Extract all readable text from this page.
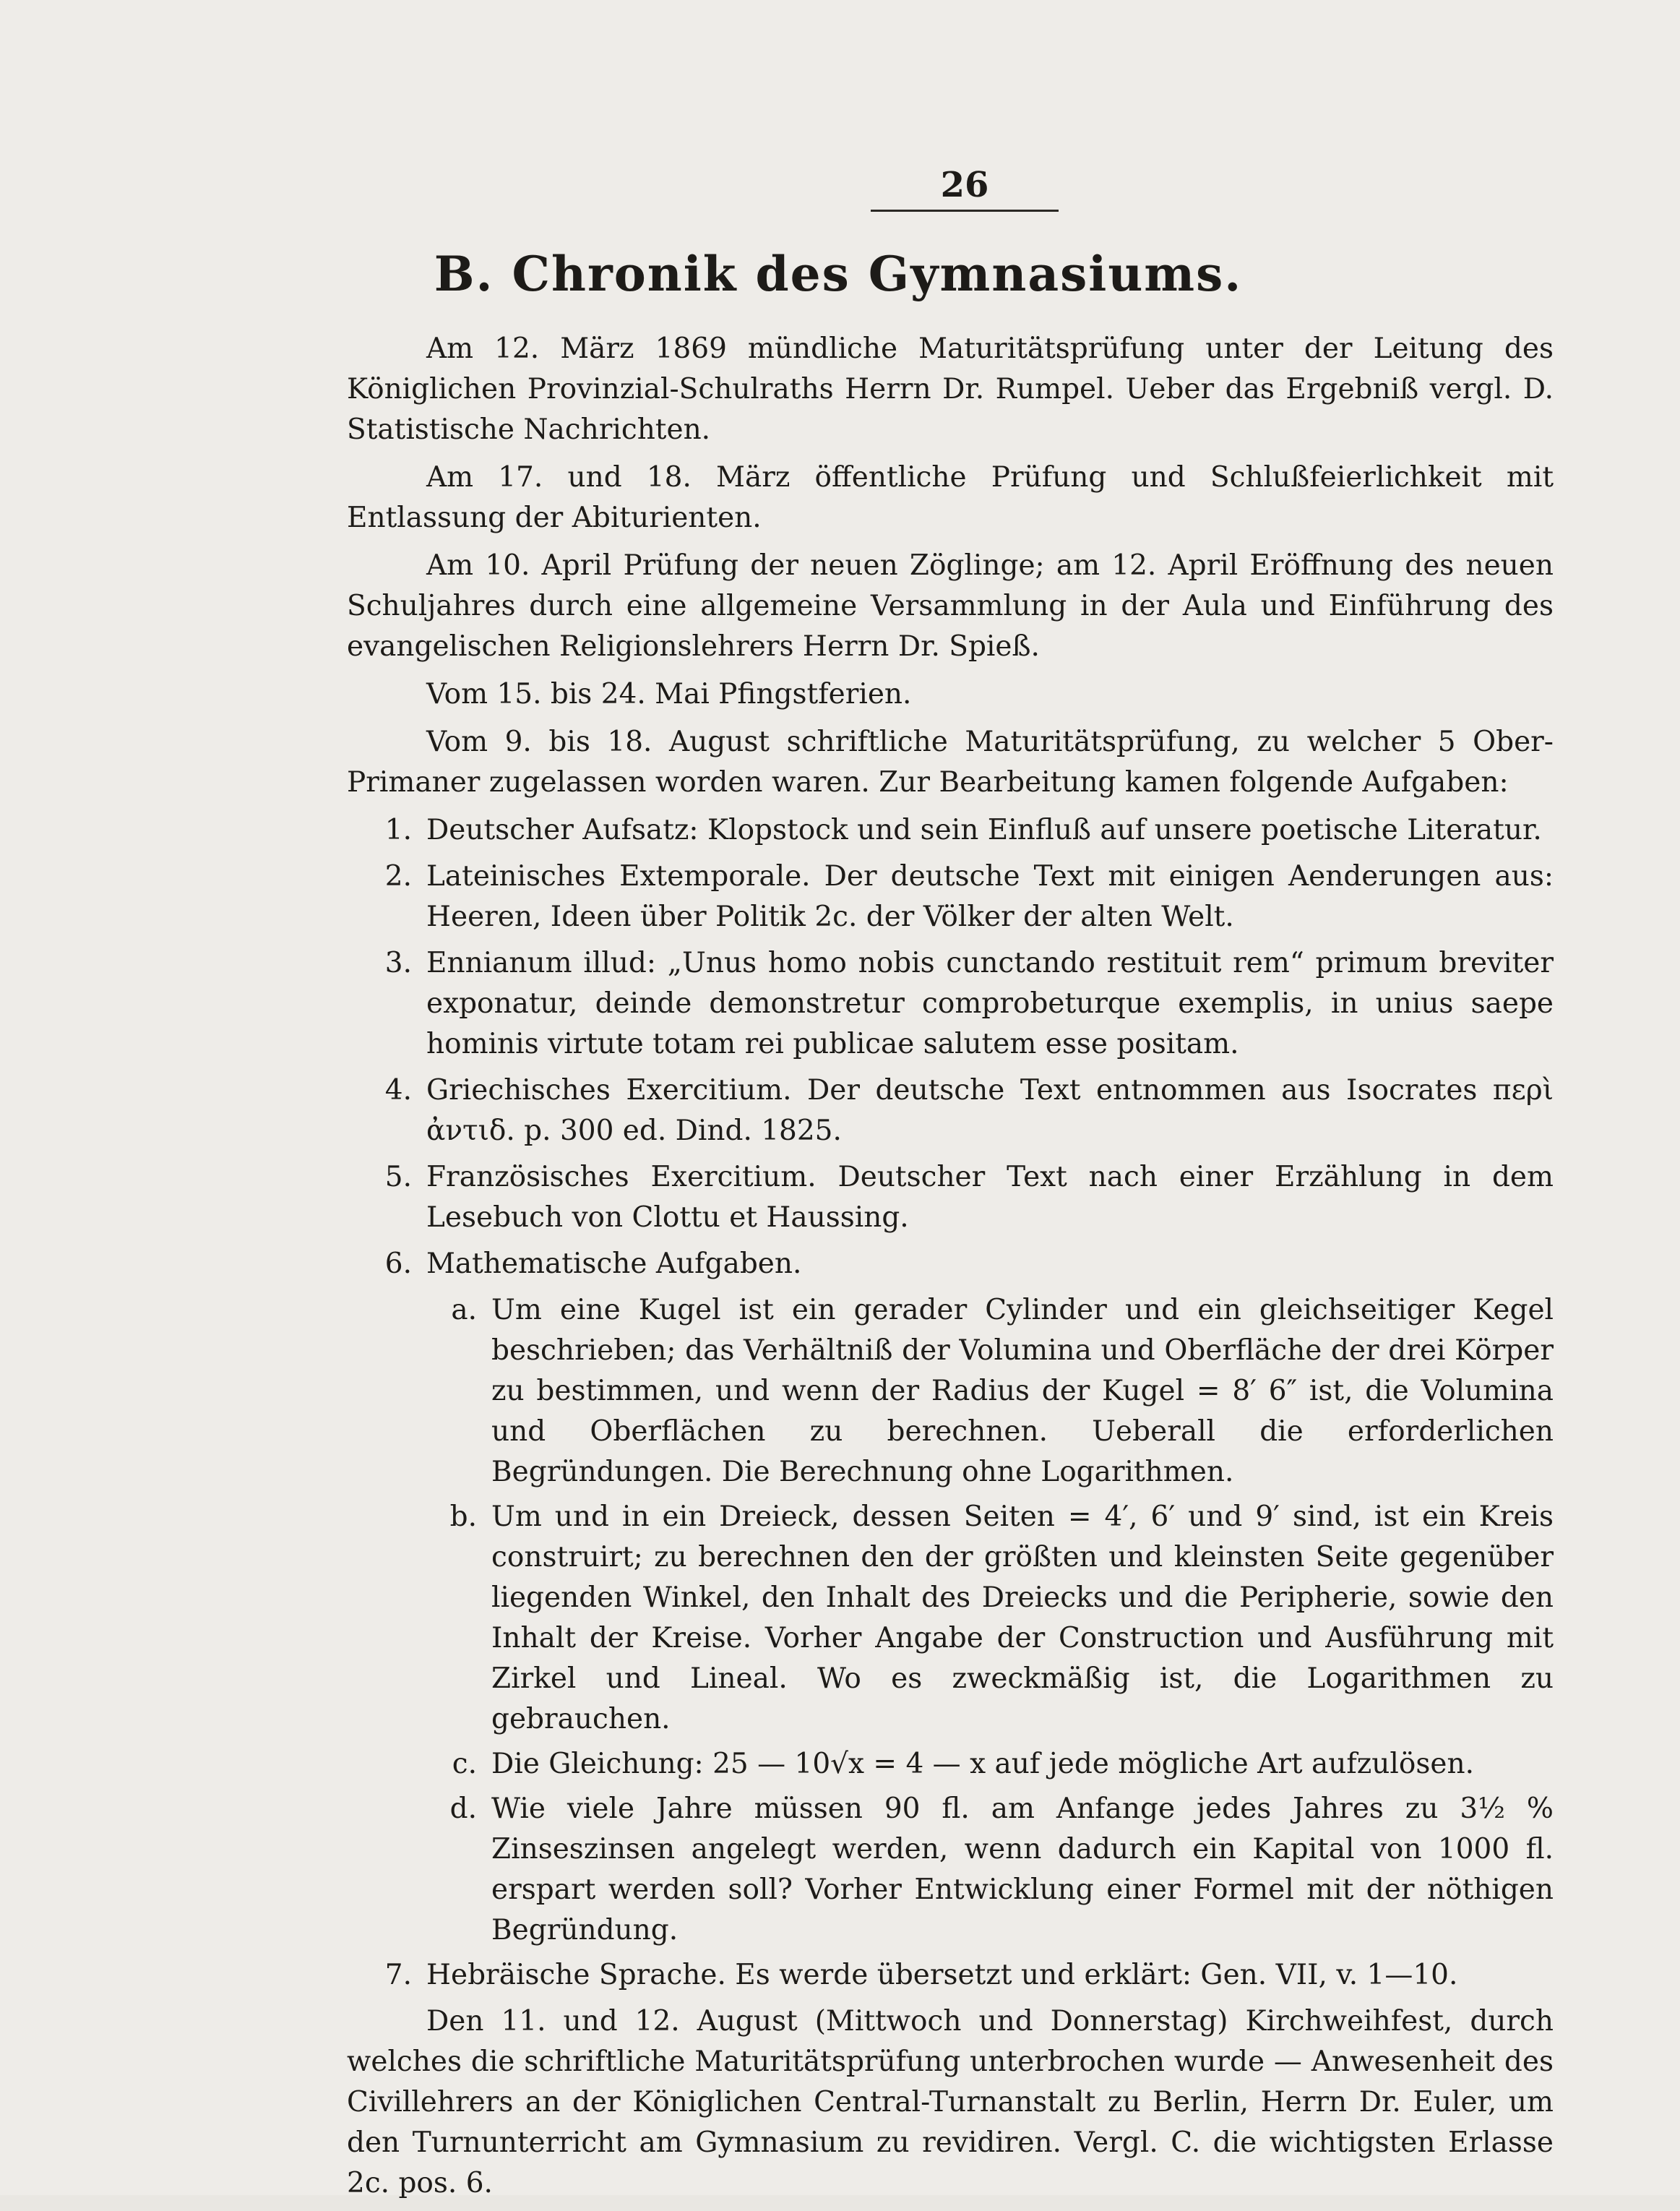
26
B. Chronik des Gymnasiums.

Am 12. März 1869 mündliche Maturitätsprüfung unter der Leitung des Königlichen Provinzial-Schulraths Herrn Dr. Rumpel. Ueber das Ergebniß vergl. D. Statistische Nachrichten.

Am 17. und 18. März öffentliche Prüfung und Schlußfeierlichkeit mit Entlassung der Abiturienten.

Am 10. April Prüfung der neuen Zöglinge; am 12. April Eröffnung des neuen Schuljahres durch eine allgemeine Versammlung in der Aula und Einführung des evangelischen Religionslehrers Herrn Dr. Spieß.

Vom 15. bis 24. Mai Pfingstferien.

Vom 9. bis 18. August schriftliche Maturitätsprüfung, zu welcher 5 Ober-Primaner zugelassen worden waren. Zur Bearbeitung kamen folgende Aufgaben:

1. Deutscher Aufsatz: Klopstock und sein Einfluß auf unsere poetische Literatur.
2. Lateinisches Extemporale. Der deutsche Text mit einigen Aenderungen aus: Heeren, Ideen über Politik 2c. der Völker der alten Welt.
3. Ennianum illud: „Unus homo nobis cunctando restituit rem“ primum breviter exponatur, deinde demonstretur comprobeturque exemplis, in unius saepe hominis virtute totam rei publicae salutem esse positam.
4. Griechisches Exercitium. Der deutsche Text entnommen aus Isocrates περὶ ἀντιδ. p. 300 ed. Dind. 1825.
5. Französisches Exercitium. Deutscher Text nach einer Erzählung in dem Lesebuch von Clottu et Haussing.
6. Mathematische Aufgaben.
a. Um eine Kugel ist ein gerader Cylinder und ein gleichseitiger Kegel beschrieben; das Verhältniß der Volumina und Oberfläche der drei Körper zu bestimmen, und wenn der Radius der Kugel = 8′ 6″ ist, die Volumina und Oberflächen zu berechnen. Ueberall die erforderlichen Begründungen. Die Berechnung ohne Logarithmen.
b. Um und in ein Dreieck, dessen Seiten = 4′, 6′ und 9′ sind, ist ein Kreis construirt; zu berechnen den der größten und kleinsten Seite gegenüber liegenden Winkel, den Inhalt des Dreiecks und die Peripherie, sowie den Inhalt der Kreise. Vorher Angabe der Construction und Ausführung mit Zirkel und Lineal. Wo es zweckmäßig ist, die Logarithmen zu gebrauchen.
c. Die Gleichung: 25 — 10√x = 4 — x auf jede mögliche Art aufzulösen.
d. Wie viele Jahre müssen 90 fl. am Anfange jedes Jahres zu 3½ % Zinseszinsen angelegt werden, wenn dadurch ein Kapital von 1000 fl. erspart werden soll? Vorher Entwicklung einer Formel mit der nöthigen Begründung.
7. Hebräische Sprache. Es werde übersetzt und erklärt: Gen. VII, v. 1—10.

Den 11. und 12. August (Mittwoch und Donnerstag) Kirchweihfest, durch welches die schriftliche Maturitätsprüfung unterbrochen wurde — Anwesenheit des Civillehrers an der Königlichen Central-Turnanstalt zu Berlin, Herrn Dr. Euler, um den Turnunterricht am Gymnasium zu revidiren. Vergl. C. die wichtigsten Erlasse 2c. pos. 6.
